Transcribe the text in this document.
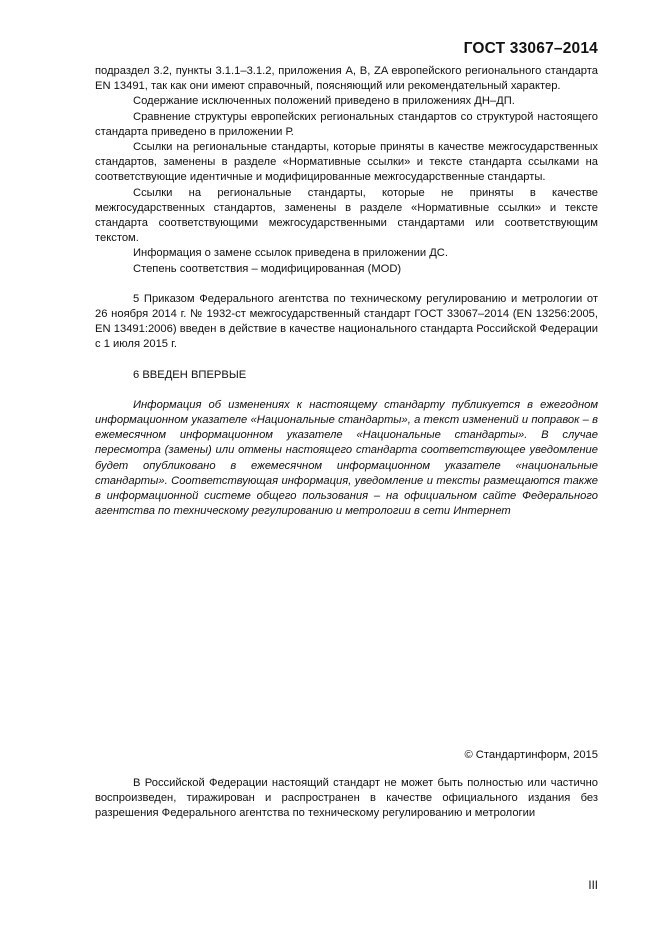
ГОСТ 33067–2014

подраздел 3.2, пункты 3.1.1–3.1.2, приложения А, В, ZA европейского регионального стандарта EN 13491, так как они имеют справочный, поясняющий или рекомендательный характер.

Содержание исключенных положений приведено в приложениях ДН–ДП.

Сравнение структуры европейских региональных стандартов со структурой настоящего стандарта приведено в приложении Р.

Ссылки на региональные стандарты, которые приняты в качестве межгосударственных стандартов, заменены в разделе «Нормативные ссылки» и тексте стандарта ссылками на соответствующие идентичные и модифицированные межгосударственные стандарты.

Ссылки на региональные стандарты, которые не приняты в качестве межгосударственных стандартов, заменены в разделе «Нормативные ссылки» и тексте стандарта соответствующими межгосударственными стандартами или соответствующим текстом.

Информация о замене ссылок приведена в приложении ДС.

Степень соответствия – модифицированная (MOD)

5 Приказом Федерального агентства по техническому регулированию и метрологии от 26 ноября 2014 г. № 1932-ст межгосударственный стандарт ГОСТ 33067–2014 (EN 13256:2005, EN 13491:2006) введен в действие в качестве национального стандарта Российской Федерации с 1 июля 2015 г.

6 ВВЕДЕН ВПЕРВЫЕ

Информация об изменениях к настоящему стандарту публикуется в ежегодном информационном указателе «Национальные стандарты», а текст изменений и поправок – в ежемесячном информационном указателе «Национальные стандарты». В случае пересмотра (замены) или отмены настоящего стандарта соответствующее уведомление будет опубликовано в ежемесячном информационном указателе «национальные стандарты». Соответствующая информация, уведомление и тексты размещаются также в информационной системе общего пользования – на официальном сайте Федерального агентства по техническому регулированию и метрологии в сети Интернет

© Стандартинформ, 2015

В Российской Федерации настоящий стандарт не может быть полностью или частично воспроизведен, тиражирован и распространен в качестве официального издания без разрешения Федерального агентства по техническому регулированию и метрологии

III
